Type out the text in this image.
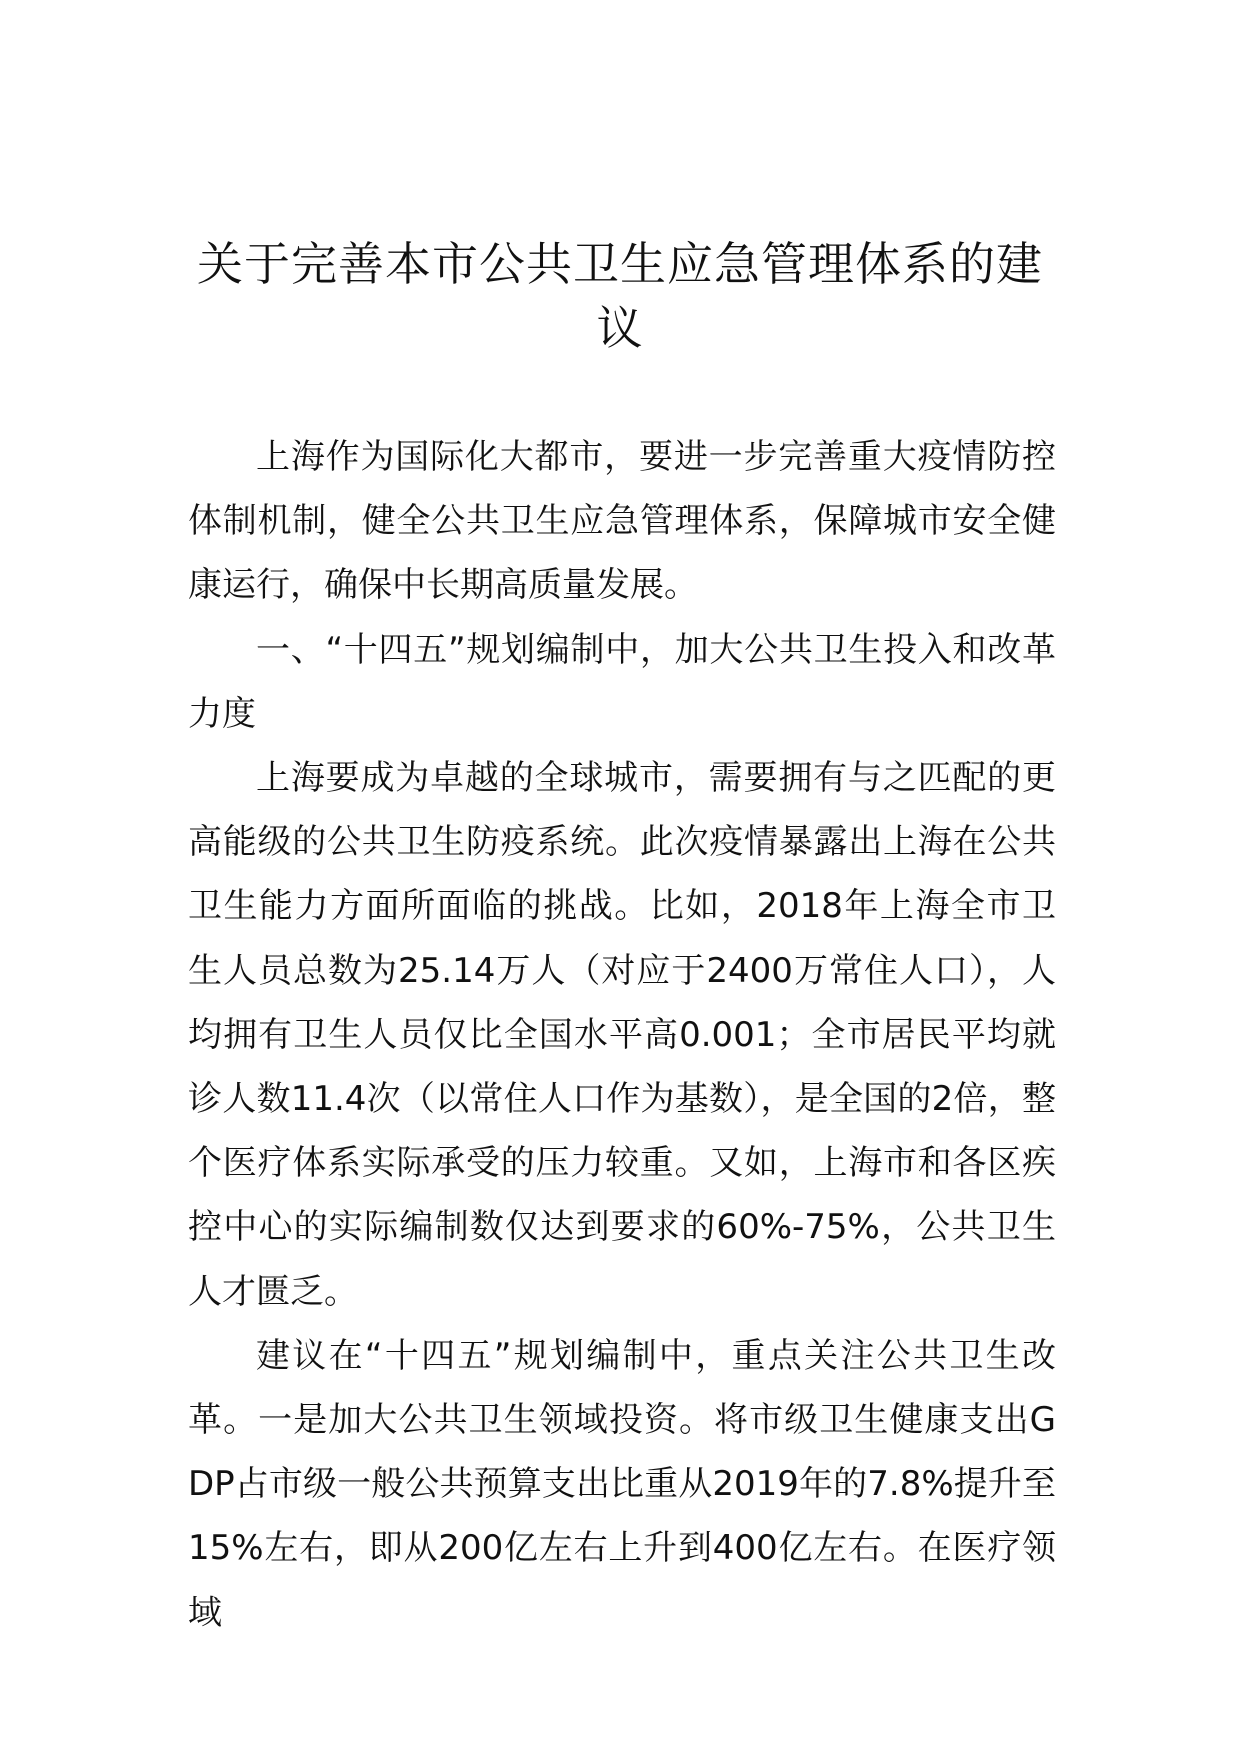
关于完善本市公共卫生应急管理体系的建议

上海作为国际化大都市，要进一步完善重大疫情防控体制机制，健全公共卫生应急管理体系，保障城市安全健康运行，确保中长期高质量发展。

一、“十四五”规划编制中，加大公共卫生投入和改革力度

上海要成为卓越的全球城市，需要拥有与之匹配的更高能级的公共卫生防疫系统。此次疫情暴露出上海在公共卫生能力方面所面临的挑战。比如，2018年上海全市卫生人员总数为25.14万人（对应于2400万常住人口），人均拥有卫生人员仅比全国水平高0.001；全市居民平均就诊人数11.4次（以常住人口作为基数），是全国的2倍，整个医疗体系实际承受的压力较重。又如，上海市和各区疾控中心的实际编制数仅达到要求的60%-75%，公共卫生人才匮乏。

建议在“十四五”规划编制中，重点关注公共卫生改革。一是加大公共卫生领域投资。将市级卫生健康支出GDP占市级一般公共预算支出比重从2019年的7.8%提升至15%左右，即从200亿左右上升到400亿左右。在医疗领域
